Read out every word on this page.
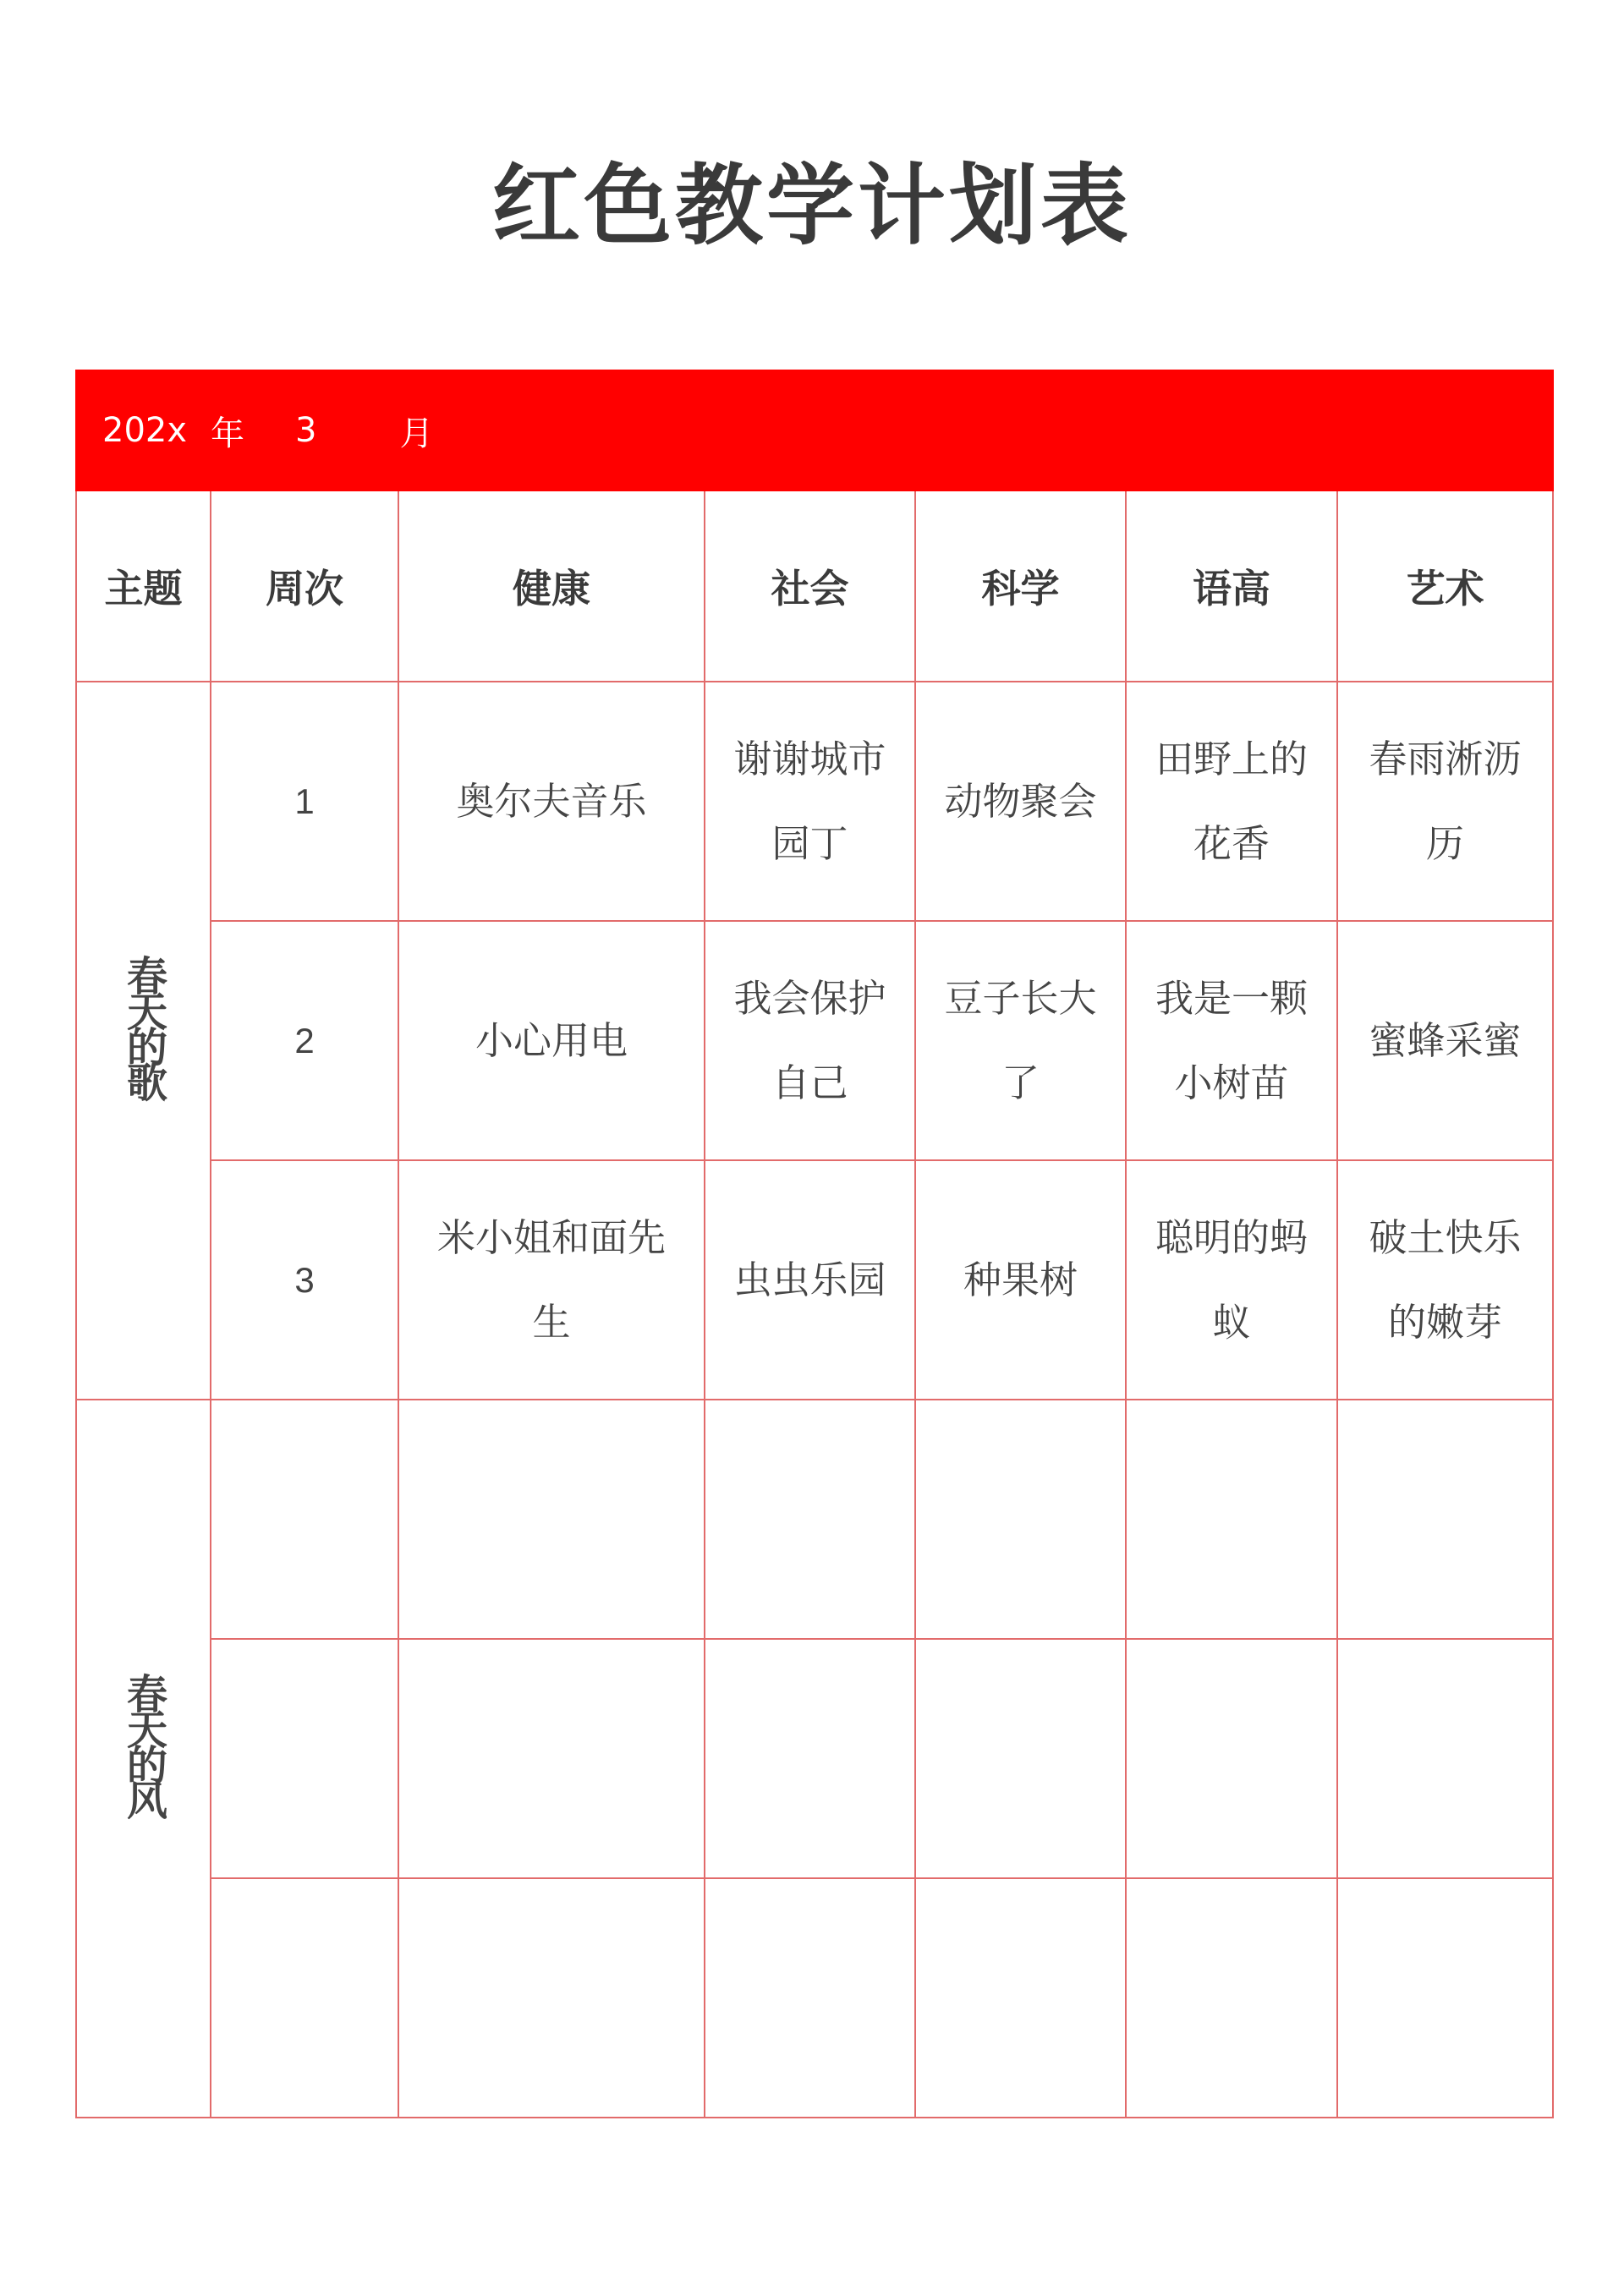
红色教学计划表
202x 年 3 月						

主题	周次	健康	社会	科学	语高	艺术
春天的歌	1	奥尔夫音乐	谢谢城市园丁	动物聚会	田野上的花香	春雨淅沥历
	2	小心用电	我会保护自己	豆子长大了	我是一颗小树苗	蜜蜂采蜜
	3	米小姐和面先生	虫虫乐园	种果树	聪明的蚂蚁	破土快乐的嫩芽
春天的风						
